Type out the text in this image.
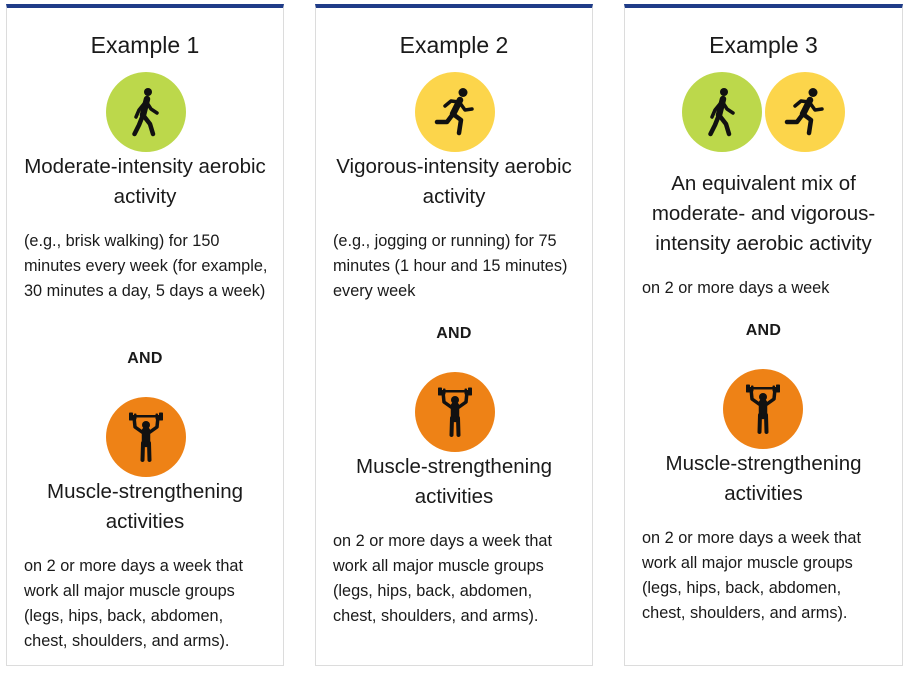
Example 1
Moderate-intensity aerobic activity
(e.g., brisk walking) for 150 minutes every week (for example, 30 minutes a day, 5 days a week)
AND
Muscle-strengthening activities
on 2 or more days a week that work all major muscle groups (legs, hips, back, abdomen, chest, shoulders, and arms).
Example 2
Vigorous-intensity aerobic activity
(e.g., jogging or running) for 75 minutes (1 hour and 15 minutes) every week
AND
Muscle-strengthening activities
on 2 or more days a week that work all major muscle groups (legs, hips, back, abdomen, chest, shoulders, and arms).
Example 3
An equivalent mix of moderate- and vigorous-intensity aerobic activity
on 2 or more days a week
AND
Muscle-strengthening activities
on 2 or more days a week that work all major muscle groups (legs, hips, back, abdomen, chest, shoulders, and arms).
